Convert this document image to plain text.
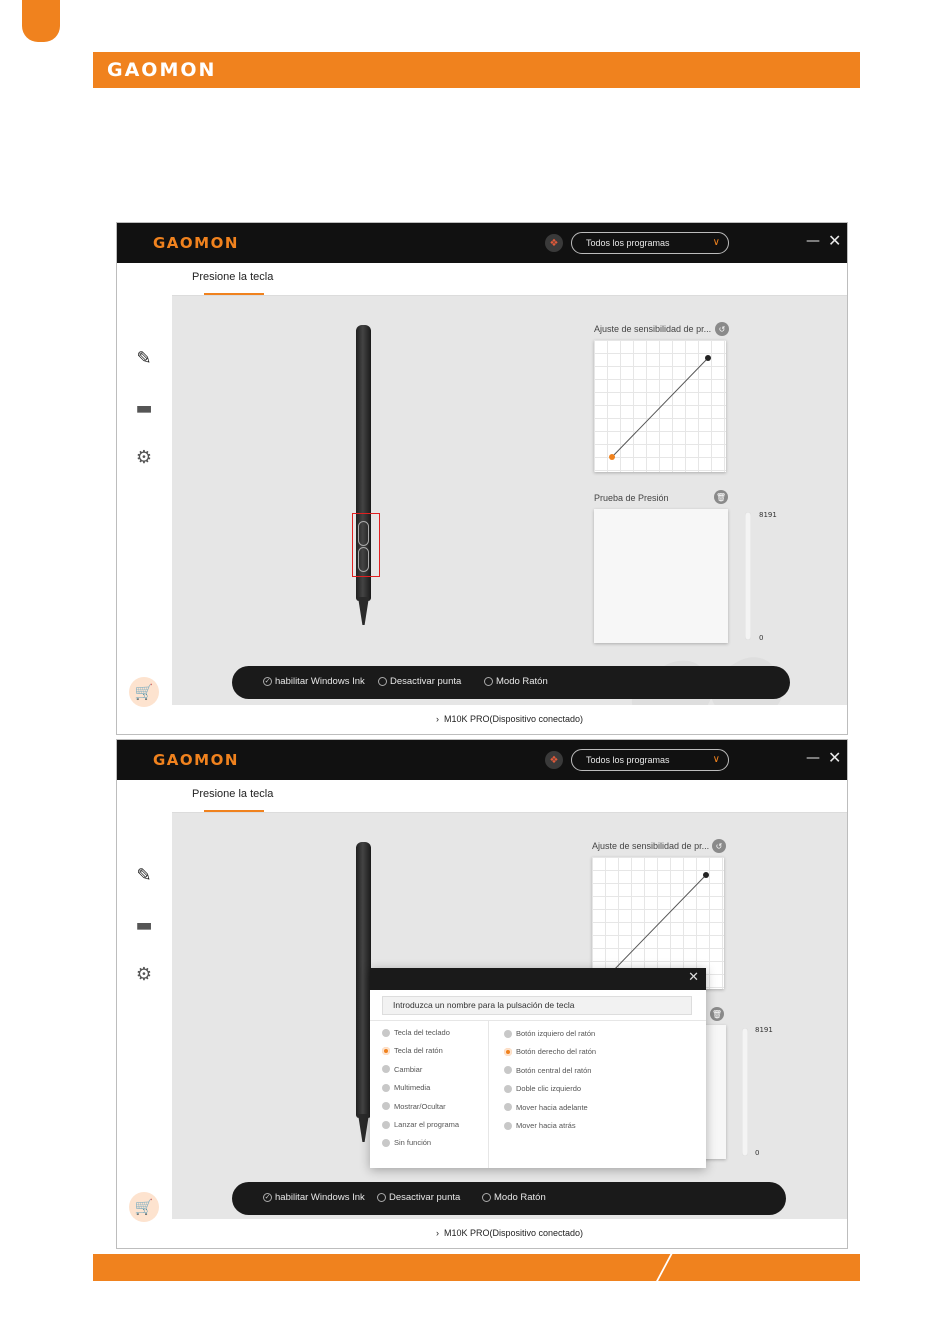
GAOMON
GAOMON	❖	Todos los programas	∨	— ✕
✎
▬
⚙
🛒
Presione la tecla
Ajuste de sensibilidad de pr... ↺
Prueba de Presión	🗑
8191
0
✓ habilitar Windows Ink	Desactivar punta	Modo Ratón
›  M10K PRO(Dispositivo conectado)
GAOMON	❖	Todos los programas	∨	— ✕
✎
▬
⚙
🛒
Presione la tecla
Ajuste de sensibilidad de pr... ↺
🗑
8191
0
✕
Introduzca un nombre para la pulsación de tecla
Tecla del teclado
Tecla del ratón
Cambiar
Multimedia
Mostrar/Ocultar
Lanzar el programa
Sin función
Botón izquiero del ratón
Botón derecho del ratón
Botón central del ratón
Doble clic izquierdo
Mover hacia adelante
Mover hacia atrás
✓ habilitar Windows Ink	Desactivar punta	Modo Ratón
›  M10K PRO(Dispositivo conectado)
